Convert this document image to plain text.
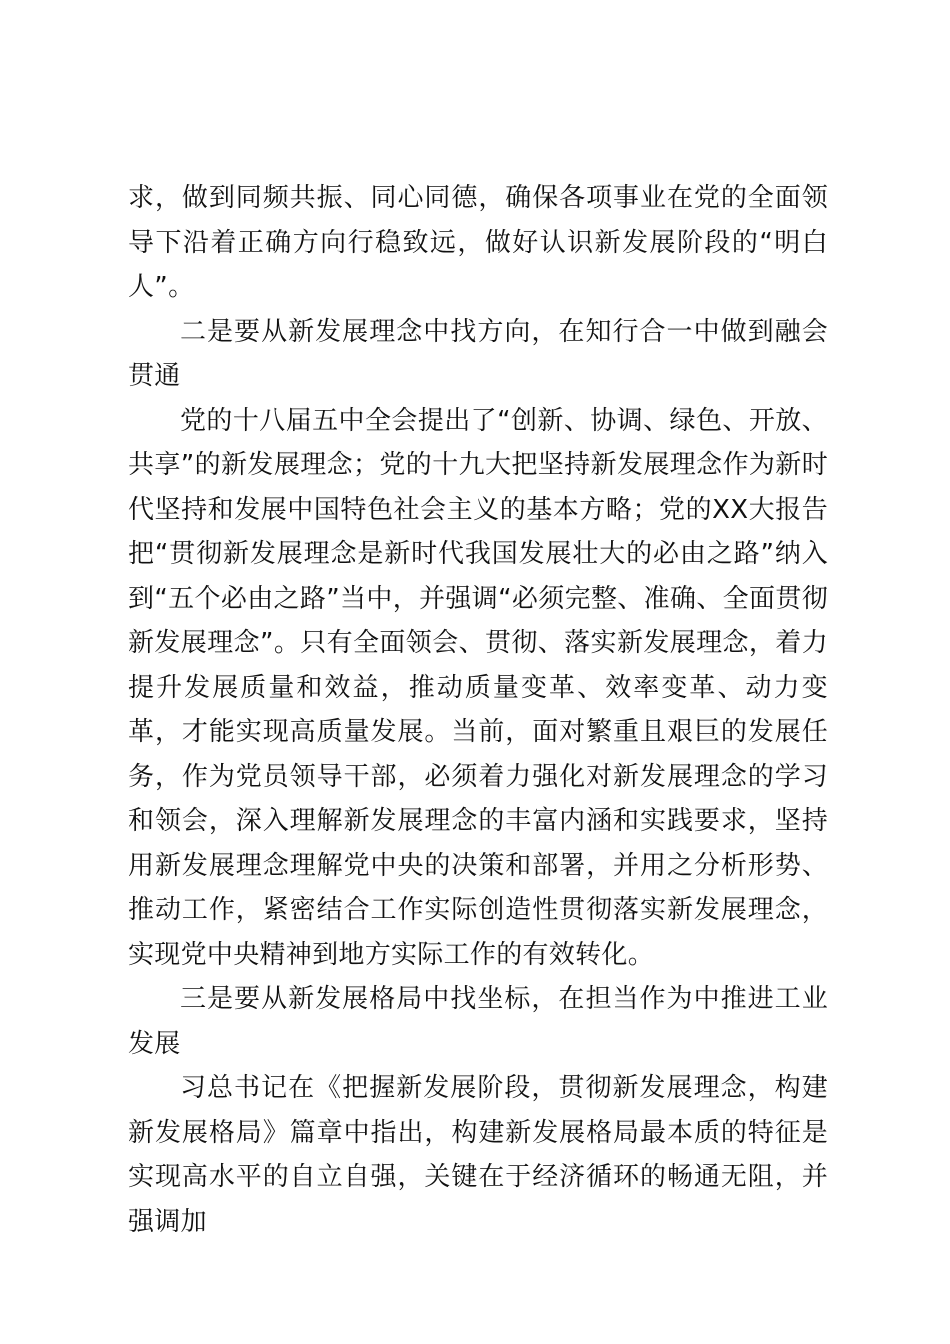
求，做到同频共振、同心同德，确保各项事业在党的全面领导下沿着正确方向行稳致远，做好认识新发展阶段的“明白人”。

二是要从新发展理念中找方向，在知行合一中做到融会贯通

党的十八届五中全会提出了“创新、协调、绿色、开放、共享”的新发展理念；党的十九大把坚持新发展理念作为新时代坚持和发展中国特色社会主义的基本方略；党的XX大报告把“贯彻新发展理念是新时代我国发展壮大的必由之路”纳入到“五个必由之路”当中，并强调“必须完整、准确、全面贯彻新发展理念”。只有全面领会、贯彻、落实新发展理念，着力提升发展质量和效益，推动质量变革、效率变革、动力变革，才能实现高质量发展。当前，面对繁重且艰巨的发展任务，作为党员领导干部，必须着力强化对新发展理念的学习和领会，深入理解新发展理念的丰富内涵和实践要求，坚持用新发展理念理解党中央的决策和部署，并用之分析形势、推动工作，紧密结合工作实际创造性贯彻落实新发展理念，实现党中央精神到地方实际工作的有效转化。

三是要从新发展格局中找坐标，在担当作为中推进工业发展

习总书记在《把握新发展阶段，贯彻新发展理念，构建新发展格局》篇章中指出，构建新发展格局最本质的特征是实现高水平的自立自强，关键在于经济循环的畅通无阻，并强调加
